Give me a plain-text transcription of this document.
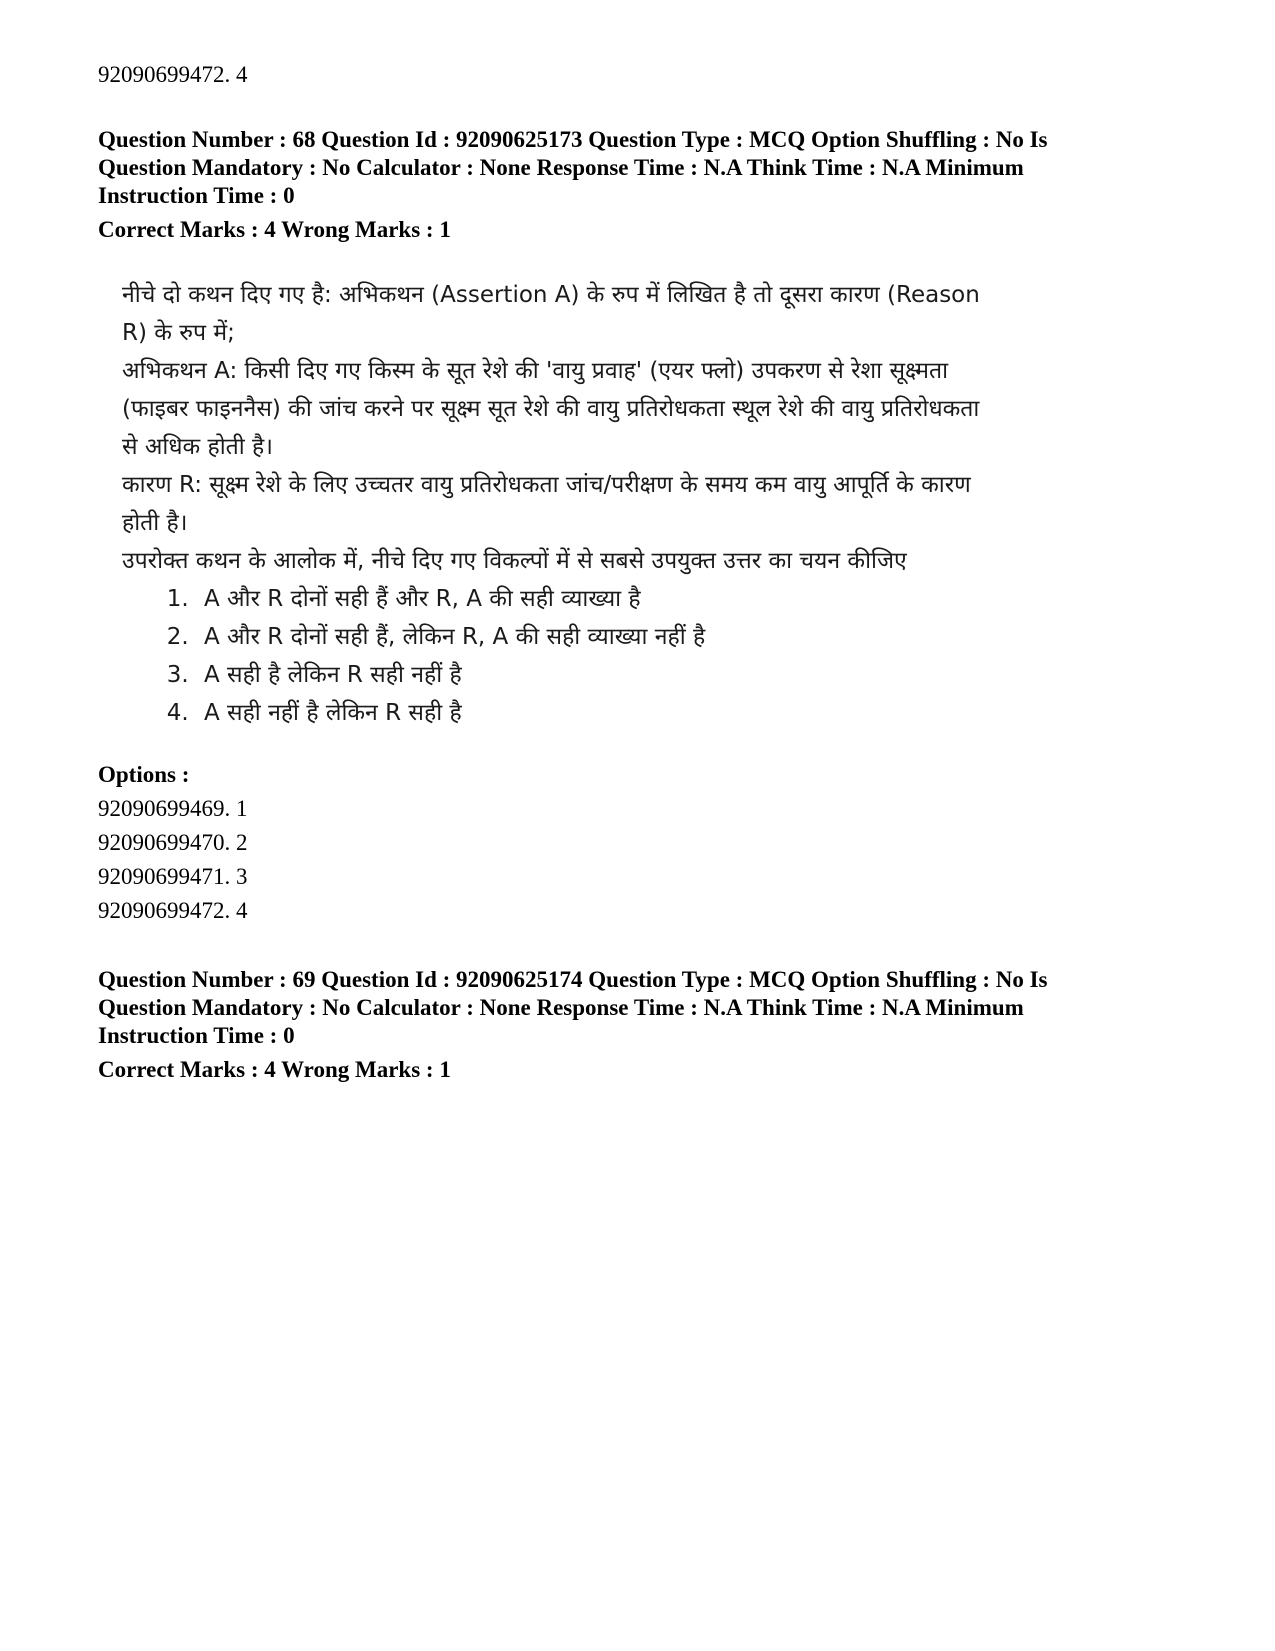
92090699472. 4

Question Number : 68 Question Id : 92090625173 Question Type : MCQ Option Shuffling : No Is

Question Mandatory : No Calculator : None Response Time : N.A Think Time : N.A Minimum

Instruction Time : 0

Correct Marks : 4 Wrong Marks : 1

नीचे दो कथन दिए गए है: अभिकथन (Assertion A) के रुप में लिखित है तो दूसरा कारण (Reason R) के रुप में;

अभिकथन A: किसी दिए गए किस्म के सूत रेशे की 'वायु प्रवाह' (एयर फ्लो) उपकरण से रेशा सूक्ष्मता (फाइबर फाइननैस) की जांच करने पर सूक्ष्म सूत रेशे की वायु प्रतिरोधकता स्थूल रेशे की वायु प्रतिरोधकता से अधिक होती है।

कारण R: सूक्ष्म रेशे के लिए उच्चतर वायु प्रतिरोधकता जांच/परीक्षण के समय कम वायु आपूर्ति के कारण होती है।

उपरोक्त कथन के आलोक में, नीचे दिए गए विकल्पों में से सबसे उपयुक्त उत्तर का चयन कीजिए

1. A और R दोनों सही हैं और R, A की सही व्याख्या है
2. A और R दोनों सही हैं, लेकिन R, A की सही व्याख्या नहीं है
3. A सही है लेकिन R सही नहीं है
4. A सही नहीं है लेकिन R सही है

Options :

92090699469. 1

92090699470. 2

92090699471. 3

92090699472. 4

Question Number : 69 Question Id : 92090625174 Question Type : MCQ Option Shuffling : No Is

Question Mandatory : No Calculator : None Response Time : N.A Think Time : N.A Minimum

Instruction Time : 0

Correct Marks : 4 Wrong Marks : 1
